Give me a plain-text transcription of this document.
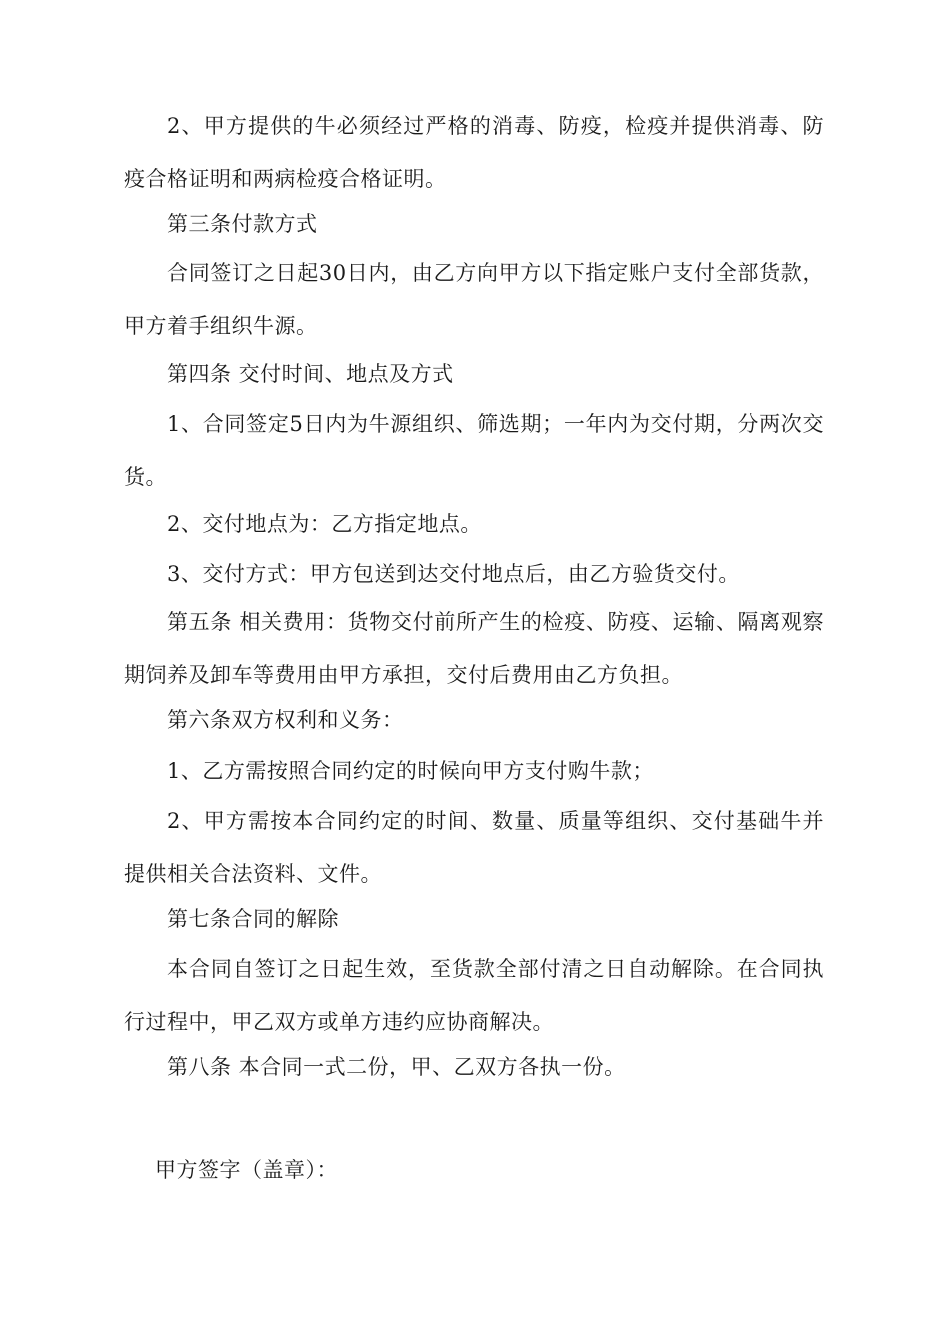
2、甲方提供的牛必须经过严格的消毒、防疫，检疫并提供消毒、防疫合格证明和两病检疫合格证明。

第三条付款方式

合同签订之日起30日内，由乙方向甲方以下指定账户支付全部货款，甲方着手组织牛源。

第四条 交付时间、地点及方式

1、合同签定5日内为牛源组织、筛选期；一年内为交付期，分两次交货。

2、交付地点为：乙方指定地点。

3、交付方式：甲方包送到达交付地点后，由乙方验货交付。

第五条 相关费用：货物交付前所产生的检疫、防疫、运输、隔离观察期饲养及卸车等费用由甲方承担，交付后费用由乙方负担。

第六条双方权利和义务：

1、乙方需按照合同约定的时候向甲方支付购牛款；

2、甲方需按本合同约定的时间、数量、质量等组织、交付基础牛并提供相关合法资料、文件。

第七条合同的解除

本合同自签订之日起生效，至货款全部付清之日自动解除。在合同执行过程中，甲乙双方或单方违约应协商解决。

第八条 本合同一式二份，甲、乙双方各执一份。

甲方签字（盖章）：
